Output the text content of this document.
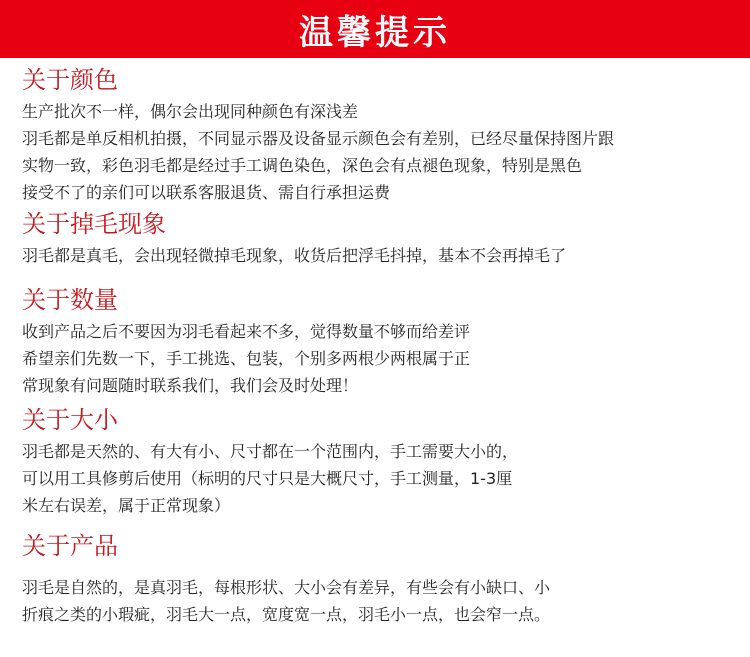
温馨提示
关于颜色
生产批次不一样，偶尔会出现同种颜色有深浅差
羽毛都是单反相机拍摄，不同显示器及设备显示颜色会有差别，已经尽量保持图片跟
实物一致，彩色羽毛都是经过手工调色染色，深色会有点褪色现象，特别是黑色
接受不了的亲们可以联系客服退货、需自行承担运费
关于掉毛现象
羽毛都是真毛，会出现轻微掉毛现象，收货后把浮毛抖掉，基本不会再掉毛了
关于数量
收到产品之后不要因为羽毛看起来不多，觉得数量不够而给差评
希望亲们先数一下，手工挑选、包装，个别多两根少两根属于正
常现象有问题随时联系我们，我们会及时处理！
关于大小
羽毛都是天然的、有大有小、尺寸都在一个范围内，手工需要大小的，
可以用工具修剪后使用（标明的尺寸只是大概尺寸，手工测量，1-3厘
米左右误差，属于正常现象）
关于产品
羽毛是自然的，是真羽毛，每根形状、大小会有差异，有些会有小缺口、小
折痕之类的小瑕疵，羽毛大一点，宽度宽一点，羽毛小一点，也会窄一点。
